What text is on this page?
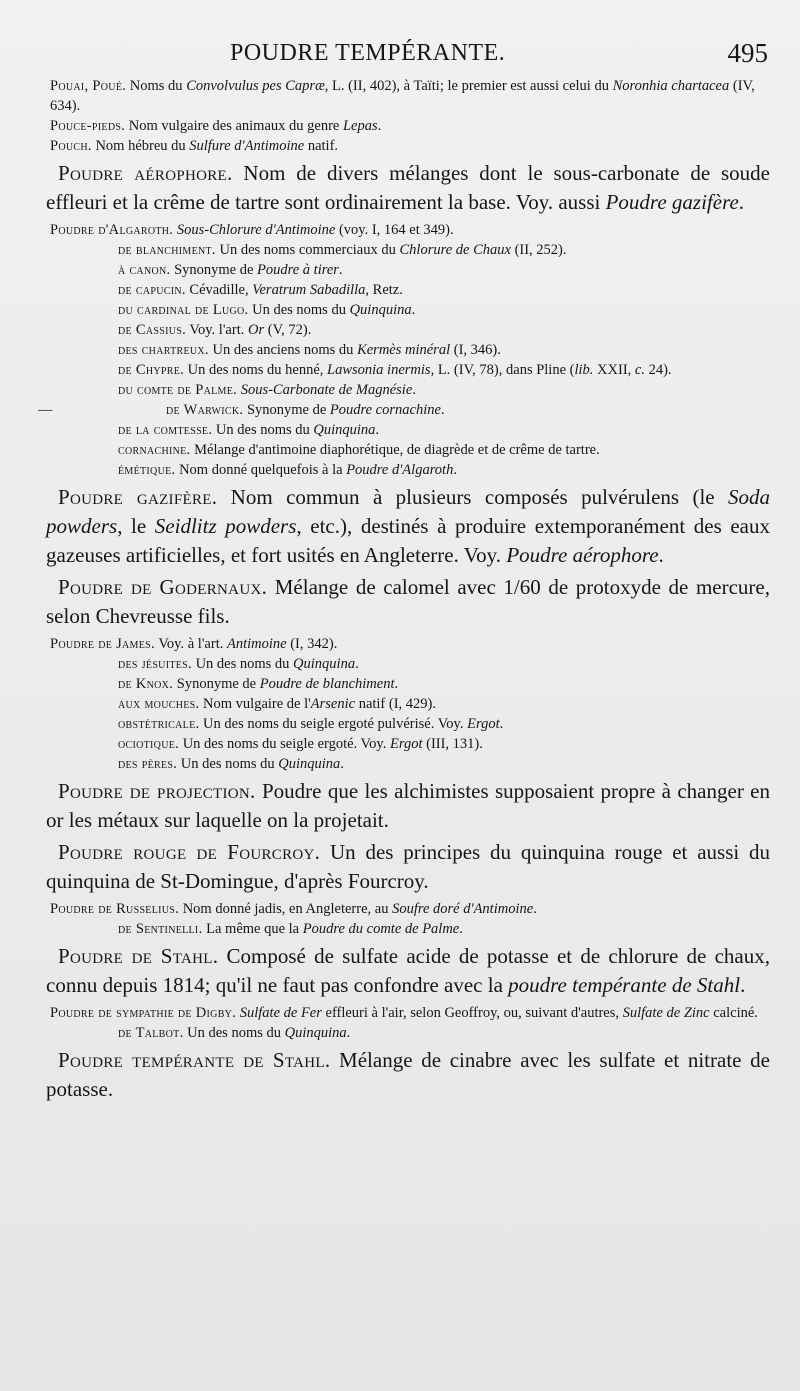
POUDRE TEMPÉRANTE.	495

Pouai, Poué. Noms du Convolvulus pes Capræ, L. (II, 402), à Taïti; le premier est aussi celui du Noronhia chartacea (IV, 634).

Pouce-pieds. Nom vulgaire des animaux du genre Lepas.

Pouch. Nom hébreu du Sulfure d'Antimoine natif.

Poudre aérophore. Nom de divers mélanges dont le sous-carbonate de soude effleuri et la crême de tartre sont ordinairement la base. Voy. aussi Poudre gazifère.

Poudre d'Algaroth. Sous-Chlorure d'Antimoine (voy. I, 164 et 349).

de blanchiment. Un des noms commerciaux du Chlorure de Chaux (II, 252).

à canon. Synonyme de Poudre à tirer.

de capucin. Cévadille, Veratrum Sabadilla, Retz.

du cardinal de Lugo. Un des noms du Quinquina.

de Cassius. Voy. l'art. Or (V, 72).

des chartreux. Un des anciens noms du Kermès minéral (I, 346).

de Chypre. Un des noms du henné, Lawsonia inermis, L. (IV, 78), dans Pline (lib. XXII, c. 24).

du comte de Palme. Sous-Carbonate de Magnésie.

—	de Warwick. Synonyme de Poudre cornachine.

de la comtesse. Un des noms du Quinquina.

cornachine. Mélange d'antimoine diaphorétique, de diagrède et de crême de tartre.

émétique. Nom donné quelquefois à la Poudre d'Algaroth.

Poudre gazifère. Nom commun à plusieurs composés pulvérulens (le Soda powders, le Seidlitz powders, etc.), destinés à produire extemporanément des eaux gazeuses artificielles, et fort usités en Angleterre. Voy. Poudre aérophore.

Poudre de Godernaux. Mélange de calomel avec 1/60 de protoxyde de mercure, selon Chevreusse fils.

Poudre de James. Voy. à l'art. Antimoine (I, 342).

des jésuites. Un des noms du Quinquina.

de Knox. Synonyme de Poudre de blanchiment.

aux mouches. Nom vulgaire de l'Arsenic natif (I, 429).

obstétricale. Un des noms du seigle ergoté pulvérisé. Voy. Ergot.

ociotique. Un des noms du seigle ergoté. Voy. Ergot (III, 131).

des pères. Un des noms du Quinquina.

Poudre de projection. Poudre que les alchimistes supposaient propre à changer en or les métaux sur laquelle on la projetait.

Poudre rouge de Fourcroy. Un des principes du quinquina rouge et aussi du quinquina de St-Domingue, d'après Fourcroy.

Poudre de Russelius. Nom donné jadis, en Angleterre, au Soufre doré d'Antimoine.

de Sentinelli. La même que la Poudre du comte de Palme.

Poudre de Stahl. Composé de sulfate acide de potasse et de chlorure de chaux, connu depuis 1814; qu'il ne faut pas confondre avec la poudre tempérante de Stahl.

Poudre de sympathie de Digby. Sulfate de Fer effleuri à l'air, selon Geoffroy, ou, suivant d'autres, Sulfate de Zinc calciné.

de Talbot. Un des noms du Quinquina.

Poudre tempérante de Stahl. Mélange de cinabre avec les sulfate et nitrate de potasse.
